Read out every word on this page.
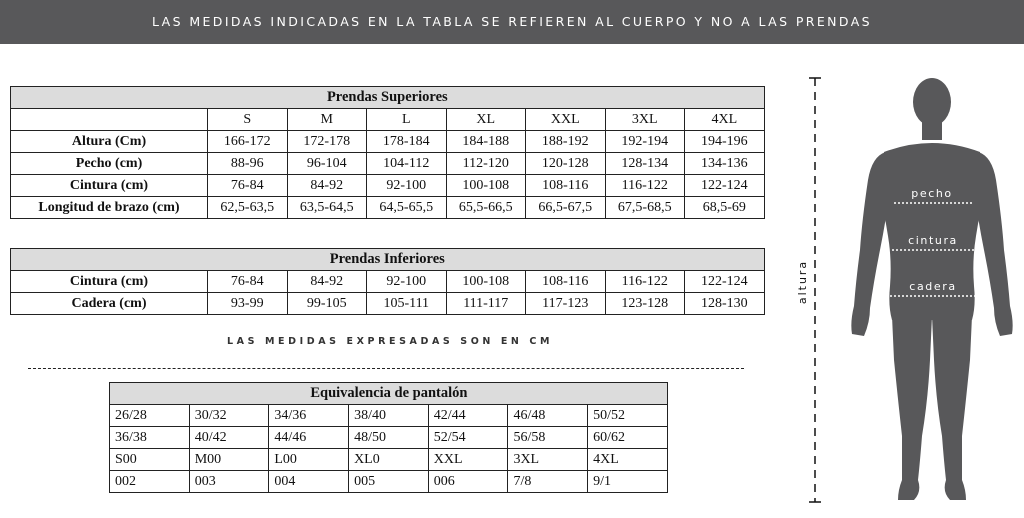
LAS MEDIDAS INDICADAS EN LA TABLA SE REFIEREN AL CUERPO Y NO A LAS PRENDAS
Prendas Superiores							
	S	M	L	XL	XXL	3XL	4XL
Altura (Cm)	166-172	172-178	178-184	184-188	188-192	192-194	194-196
Pecho (cm)	88-96	96-104	104-112	112-120	120-128	128-134	134-136
Cintura (cm)	76-84	84-92	92-100	100-108	108-116	116-122	122-124
Longitud de brazo (cm)	62,5-63,5	63,5-64,5	64,5-65,5	65,5-66,5	66,5-67,5	67,5-68,5	68,5-69
Prendas Inferiores							
Cintura (cm)	76-84	84-92	92-100	100-108	108-116	116-122	122-124
Cadera (cm)	93-99	99-105	105-111	111-117	117-123	123-128	128-130
LAS MEDIDAS EXPRESADAS SON EN CM
Equivalencia de pantalón						
26/28	30/32	34/36	38/40	42/44	46/48	50/52
36/38	40/42	44/46	48/50	52/54	56/58	60/62
S00	M00	L00	XL0	XXL	3XL	4XL
002	003	004	005	006	7/8	9/1
altura
pecho
cintura
cadera
